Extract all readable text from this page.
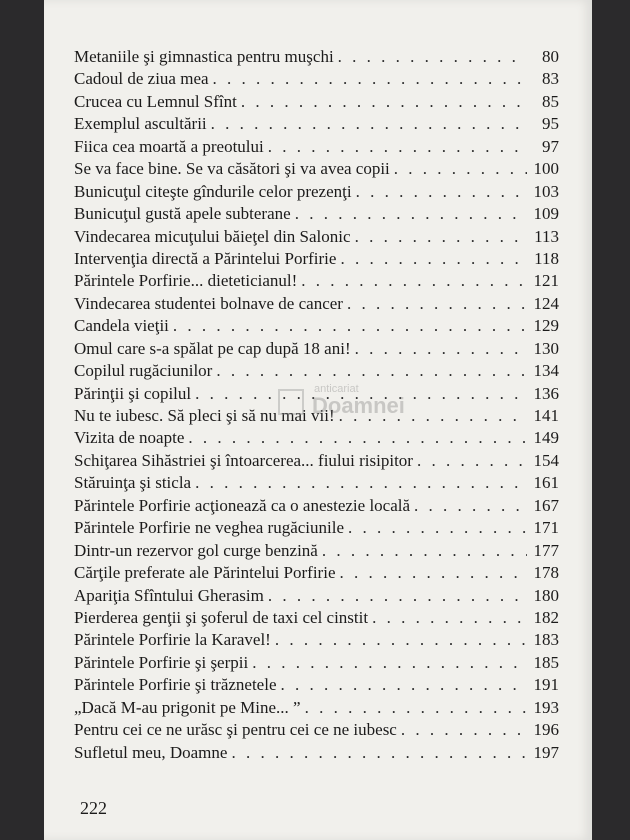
Metaniile şi gimnastica pentru muşchi . . .	80
Cadoul de ziua mea . . .	83
Crucea cu Lemnul Sfînt . . .	85
Exemplul ascultării . . .	95
Fiica cea moartă a preotului . . .	97
Se va face bine. Se va căsători şi va avea copii . . .	100
Bunicuţul citeşte gîndurile celor prezenţi . . .	103
Bunicuţul gustă apele subterane . . .	109
Vindecarea micuţului băieţel din Salonic . . .	113
Intervenţia directă a Părintelui Porfirie . . .	118
Părintele Porfirie... dieteticianul! . . .	121
Vindecarea studentei bolnave de cancer . . .	124
Candela vieţii . . .	129
Omul care s-a spălat pe cap după 18 ani! . . .	130
Copilul rugăciunilor . . .	134
Părinţii şi copilul . . .	136
Nu te iubesc. Să pleci şi să nu mai vii! . . .	141
Vizita de noapte . . .	149
Schiţarea Sihăstriei şi întoarcerea... fiului risipitor . . .	154
Stăruinţa şi sticla . . .	161
Părintele Porfirie acţionează ca o anestezie locală . . .	167
Părintele Porfirie ne veghea rugăciunile . . .	171
Dintr-un rezervor gol curge benzină . . .	177
Cărţile preferate ale Părintelui Porfirie . . .	178
Apariţia Sfîntului Gherasim . . .	180
Pierderea genţii şi şoferul de taxi cel cinstit . . .	182
Părintele Porfirie la Karavel! . . .	183
Părintele Porfirie şi şerpii . . .	185
Părintele Porfirie şi trăznetele . . .	191
„Dacă M-au prigonit pe Mine... ” . . .	193
Pentru cei ce ne urăsc şi pentru cei ce ne iubesc . . .	196
Sufletul meu, Doamne . . .	197
222
anticariat
Doamnei
